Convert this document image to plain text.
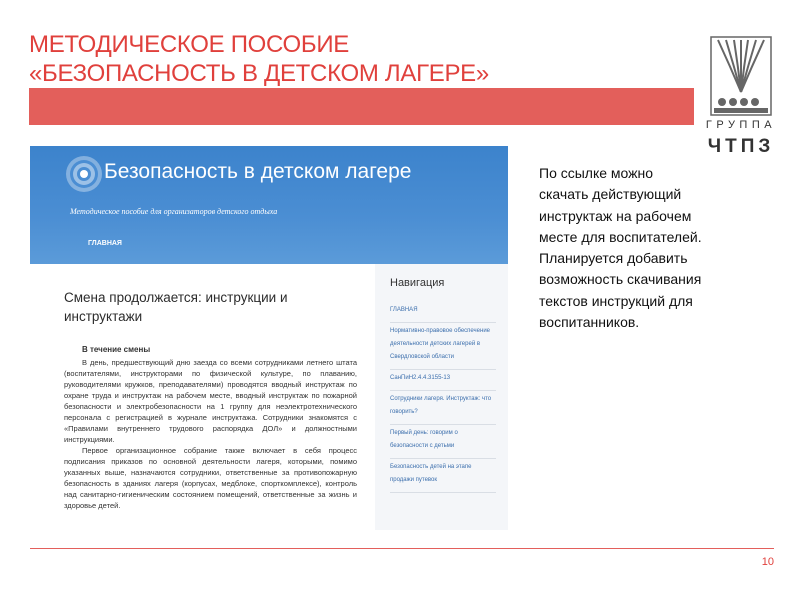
МЕТОДИЧЕСКОЕ ПОСОБИЕ
«БЕЗОПАСНОСТЬ В ДЕТСКОМ ЛАГЕРЕ»
ГРУППА
ЧТПЗ
Безопасность в детском лагере
Методическое пособие для организаторов детского отдыха
ГЛАВНАЯ
Смена продолжается: инструкции и инструктажи
В течение смены

В день, предшествующий дню заезда со всеми сотрудниками летнего штата (воспитателями, инструкторами по физической культуре, по плаванию, руководителями кружков, преподавателями) проводятся вводный инструктаж по охране труда и инструктаж на рабочем месте, вводный инструктаж по пожарной безопасности и электробезопасности на 1 группу для неэлектротехнического персонала с регистрацией в журнале инструктажа. Сотрудники знакомятся с «Правилами внутреннего трудового распорядка ДОЛ» и должностными инструкциями.

Первое организационное собрание также включает в себя процесс подписания приказов по основной деятельности лагеря, которыми, помимо указанных выше, назначаются сотрудники, ответственные за противопожарную безопасность в зданиях лагеря (корпусах, медблоке, спорткомплексе), контроль над санитарно-гигиеническим состоянием помещений, ответственные за жизнь и здоровье детей.

Навигация
ГЛАВНАЯ
Нормативно-правовое обеспечение деятельности детских лагерей в Свердловской области
СанПиН2.4.4.3155-13
Сотрудники лагеря. Инструктаж: что говорить?
Первый день: говорим о безопасности с детьми
Безопасность детей на этапе продажи путевок

По ссылке можно скачать действующий инструктаж на рабочем месте для воспитателей. Планируется добавить возможность скачивания текстов инструкций для воспитанников.

10
